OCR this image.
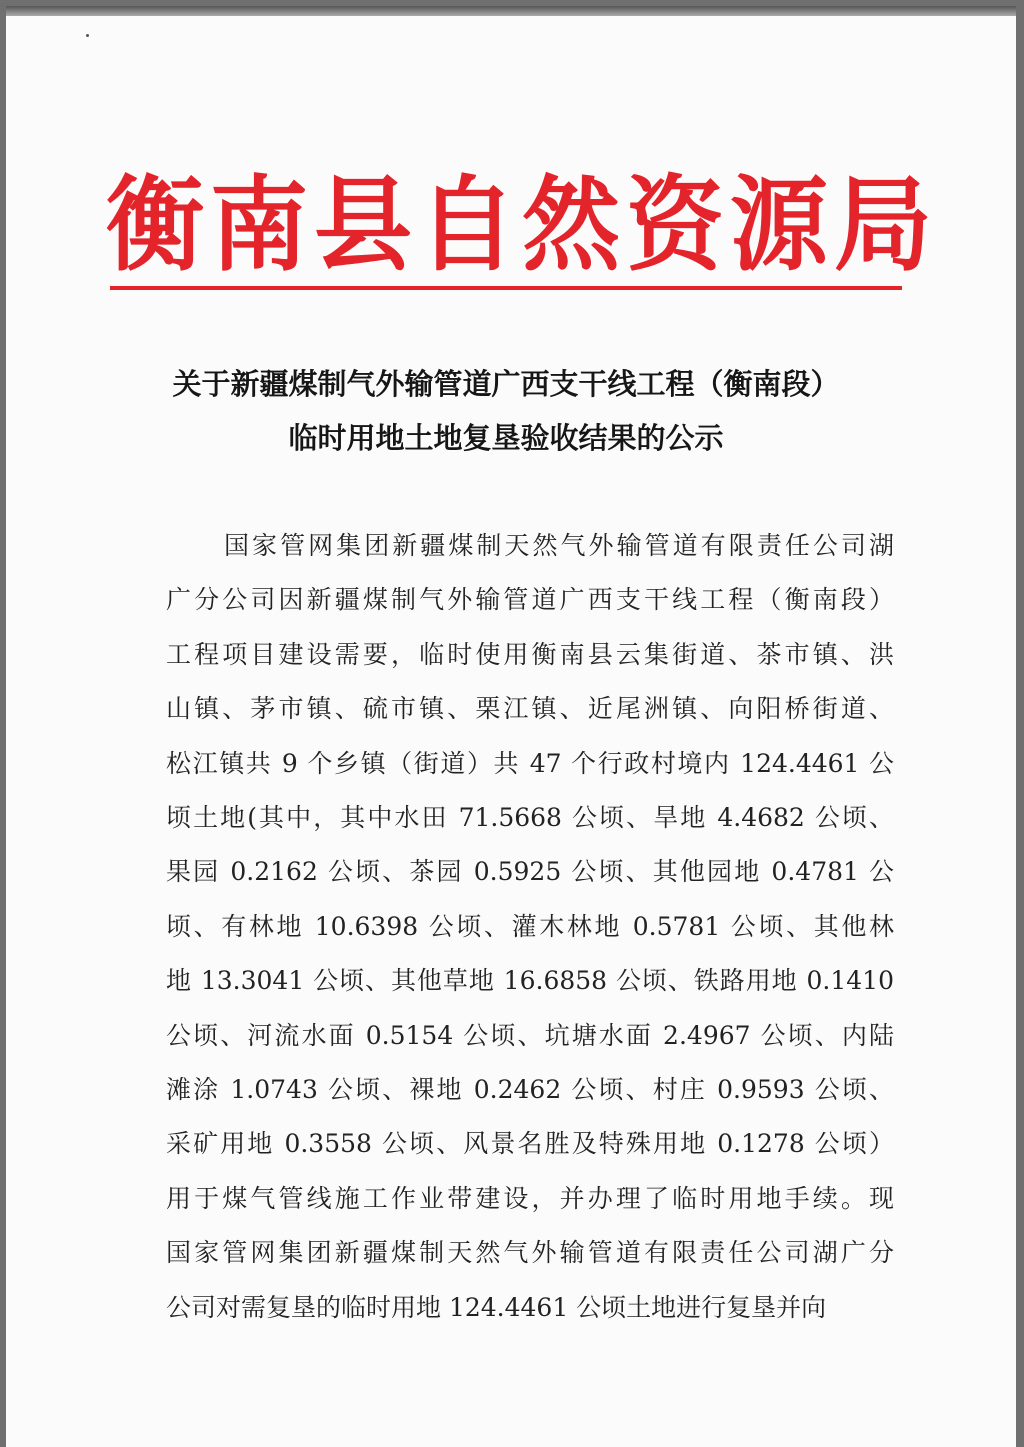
衡南县自然资源局
关于新疆煤制气外输管道广西支干线工程（衡南段）
临时用地土地复垦验收结果的公示
国家管网集团新疆煤制天然气外输管道有限责任公司湖
广分公司因新疆煤制气外输管道广西支干线工程（衡南段）
工程项目建设需要，临时使用衡南县云集街道、茶市镇、洪
山镇、茅市镇、硫市镇、栗江镇、近尾洲镇、向阳桥街道、
松江镇共 9 个乡镇（街道）共 47 个行政村境内 124.4461 公
顷土地(其中，其中水田 71.5668 公顷、旱地 4.4682 公顷、
果园 0.2162 公顷、茶园 0.5925 公顷、其他园地 0.4781 公
顷、有林地 10.6398 公顷、灌木林地 0.5781 公顷、其他林
地 13.3041 公顷、其他草地 16.6858 公顷、铁路用地 0.1410
公顷、河流水面 0.5154 公顷、坑塘水面 2.4967 公顷、内陆
滩涂 1.0743 公顷、裸地 0.2462 公顷、村庄 0.9593 公顷、
采矿用地 0.3558 公顷、风景名胜及特殊用地 0.1278 公顷）
用于煤气管线施工作业带建设，并办理了临时用地手续。现
国家管网集团新疆煤制天然气外输管道有限责任公司湖广分
公司对需复垦的临时用地 124.4461 公顷土地进行复垦并向
